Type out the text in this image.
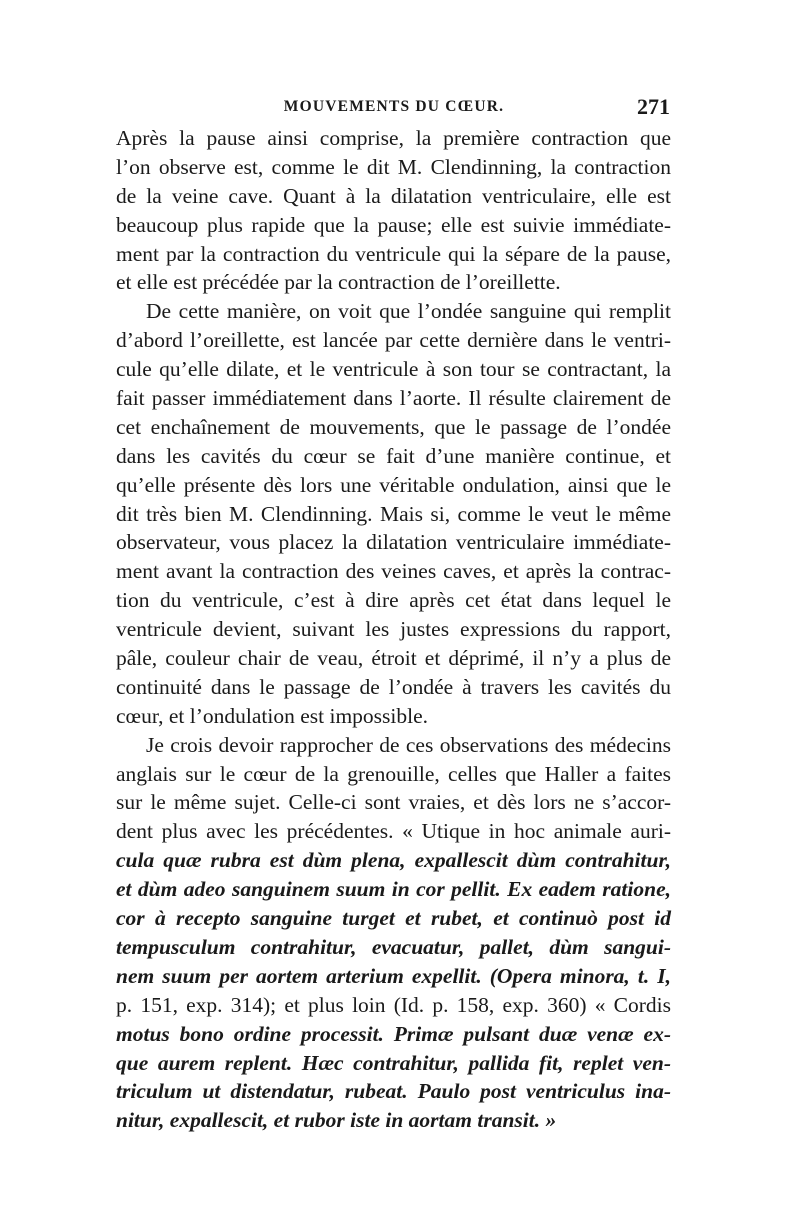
MOUVEMENTS DU CŒUR.	271
Après la pause ainsi comprise, la première contraction que
l’on observe est, comme le dit M. Clendinning, la contraction
de la veine cave. Quant à la dilatation ventriculaire, elle est
beaucoup plus rapide que la pause; elle est suivie immédiate-
ment par la contraction du ventricule qui la sépare de la pause,
et elle est précédée par la contraction de l’oreillette.
De cette manière, on voit que l’ondée sanguine qui remplit
d’abord l’oreillette, est lancée par cette dernière dans le ventri-
cule qu’elle dilate, et le ventricule à son tour se contractant, la
fait passer immédiatement dans l’aorte. Il résulte clairement de
cet enchaînement de mouvements, que le passage de l’ondée
dans les cavités du cœur se fait d’une manière continue, et
qu’elle présente dès lors une véritable ondulation, ainsi que le
dit très bien M. Clendinning. Mais si, comme le veut le même
observateur, vous placez la dilatation ventriculaire immédiate-
ment avant la contraction des veines caves, et après la contrac-
tion du ventricule, c’est à dire après cet état dans lequel le
ventricule devient, suivant les justes expressions du rapport,
pâle, couleur chair de veau, étroit et déprimé, il n’y a plus de
continuité dans le passage de l’ondée à travers les cavités du
cœur, et l’ondulation est impossible.
Je crois devoir rapprocher de ces observations des médecins
anglais sur le cœur de la grenouille, celles que Haller a faites
sur le même sujet. Celle-ci sont vraies, et dès lors ne s’accor-
dent plus avec les précédentes. « Utique in hoc animale auri-
cula quæ rubra est dùm plena, expallescit dùm contrahitur,
et dùm adeo sanguinem suum in cor pellit. Ex eadem ratione,
cor à recepto sanguine turget et rubet, et continuò post id
tempusculum contrahitur, evacuatur, pallet, dùm sangui-
nem suum per aortem arterium expellit. (Opera minora, t. I,
p. 151, exp. 314); et plus loin (Id. p. 158, exp. 360) « Cordis
motus bono ordine processit. Primæ pulsant duæ venæ ex-
que aurem replent. Hæc contrahitur, pallida fit, replet ven-
triculum ut distendatur, rubeat. Paulo post ventriculus ina-
nitur, expallescit, et rubor iste in aortam transit. »
